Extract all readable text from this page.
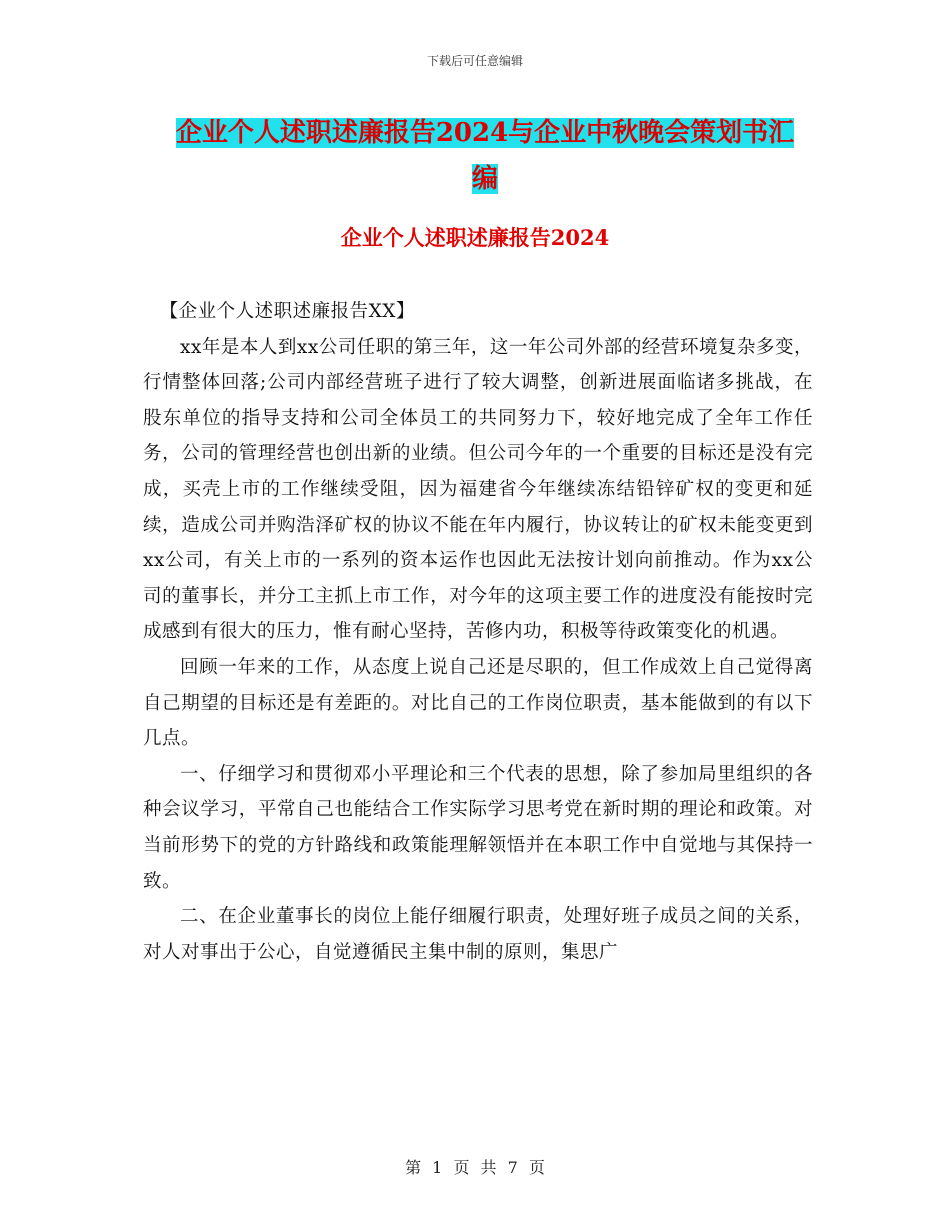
下载后可任意编辑
企业个人述职述廉报告2024与企业中秋晚会策划书汇
编
企业个人述职述廉报告2024

【企业个人述职述廉报告XX】

xx年是本人到xx公司任职的第三年，这一年公司外部的经营环境复杂多变，行情整体回落;公司内部经营班子进行了较大调整，创新进展面临诸多挑战，在股东单位的指导支持和公司全体员工的共同努力下，较好地完成了全年工作任务，公司的管理经营也创出新的业绩。但公司今年的一个重要的目标还是没有完成，买壳上市的工作继续受阻，因为福建省今年继续冻结铅锌矿权的变更和延续，造成公司并购浩泽矿权的协议不能在年内履行，协议转让的矿权未能变更到xx公司，有关上市的一系列的资本运作也因此无法按计划向前推动。作为xx公司的董事长，并分工主抓上市工作，对今年的这项主要工作的进度没有能按时完成感到有很大的压力，惟有耐心坚持，苦修内功，积极等待政策变化的机遇。

回顾一年来的工作，从态度上说自己还是尽职的，但工作成效上自己觉得离自己期望的目标还是有差距的。对比自己的工作岗位职责，基本能做到的有以下几点。

一、仔细学习和贯彻邓小平理论和三个代表的思想，除了参加局里组织的各种会议学习，平常自己也能结合工作实际学习思考党在新时期的理论和政策。对当前形势下的党的方针路线和政策能理解领悟并在本职工作中自觉地与其保持一致。

二、在企业董事长的岗位上能仔细履行职责，处理好班子成员之间的关系，对人对事出于公心，自觉遵循民主集中制的原则，集思广

第 1 页 共 7 页
